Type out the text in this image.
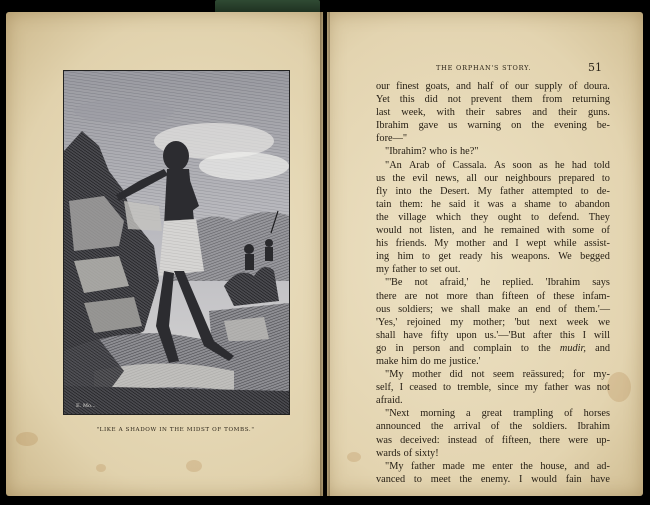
E. Mo...
"LIKE A SHADOW IN THE MIDST OF TOMBS."
THE ORPHAN'S STORY.	51
our finest goats, and half of our supply of doura.
Yet this did not prevent them from returning
last week, with their sabres and their guns.
Ibrahim gave us warning on the evening be-
fore—"
"Ibrahim? who is he?"
"An Arab of Cassala. As soon as he had told
us the evil news, all our neighbours prepared to
fly into the Desert. My father attempted to de-
tain them: he said it was a shame to abandon
the village which they ought to defend. They
would not listen, and he remained with some of
his friends. My mother and I wept while assist-
ing him to get ready his weapons. We begged
my father to set out.
"'Be not afraid,' he replied. 'Ibrahim says
there are not more than fifteen of these infam-
ous soldiers; we shall make an end of them.'—
'Yes,' rejoined my mother; 'but next week we
shall have fifty upon us.'—'But after this I will
go in person and complain to the mudir, and
make him do me justice.'
"My mother did not seem reässured; for my-
self, I ceased to tremble, since my father was not
afraid.
"Next morning a great trampling of horses
announced the arrival of the soldiers. Ibrahim
was deceived: instead of fifteen, there were up-
wards of sixty!
"My father made me enter the house, and ad-
vanced to meet the enemy. I would fain have
